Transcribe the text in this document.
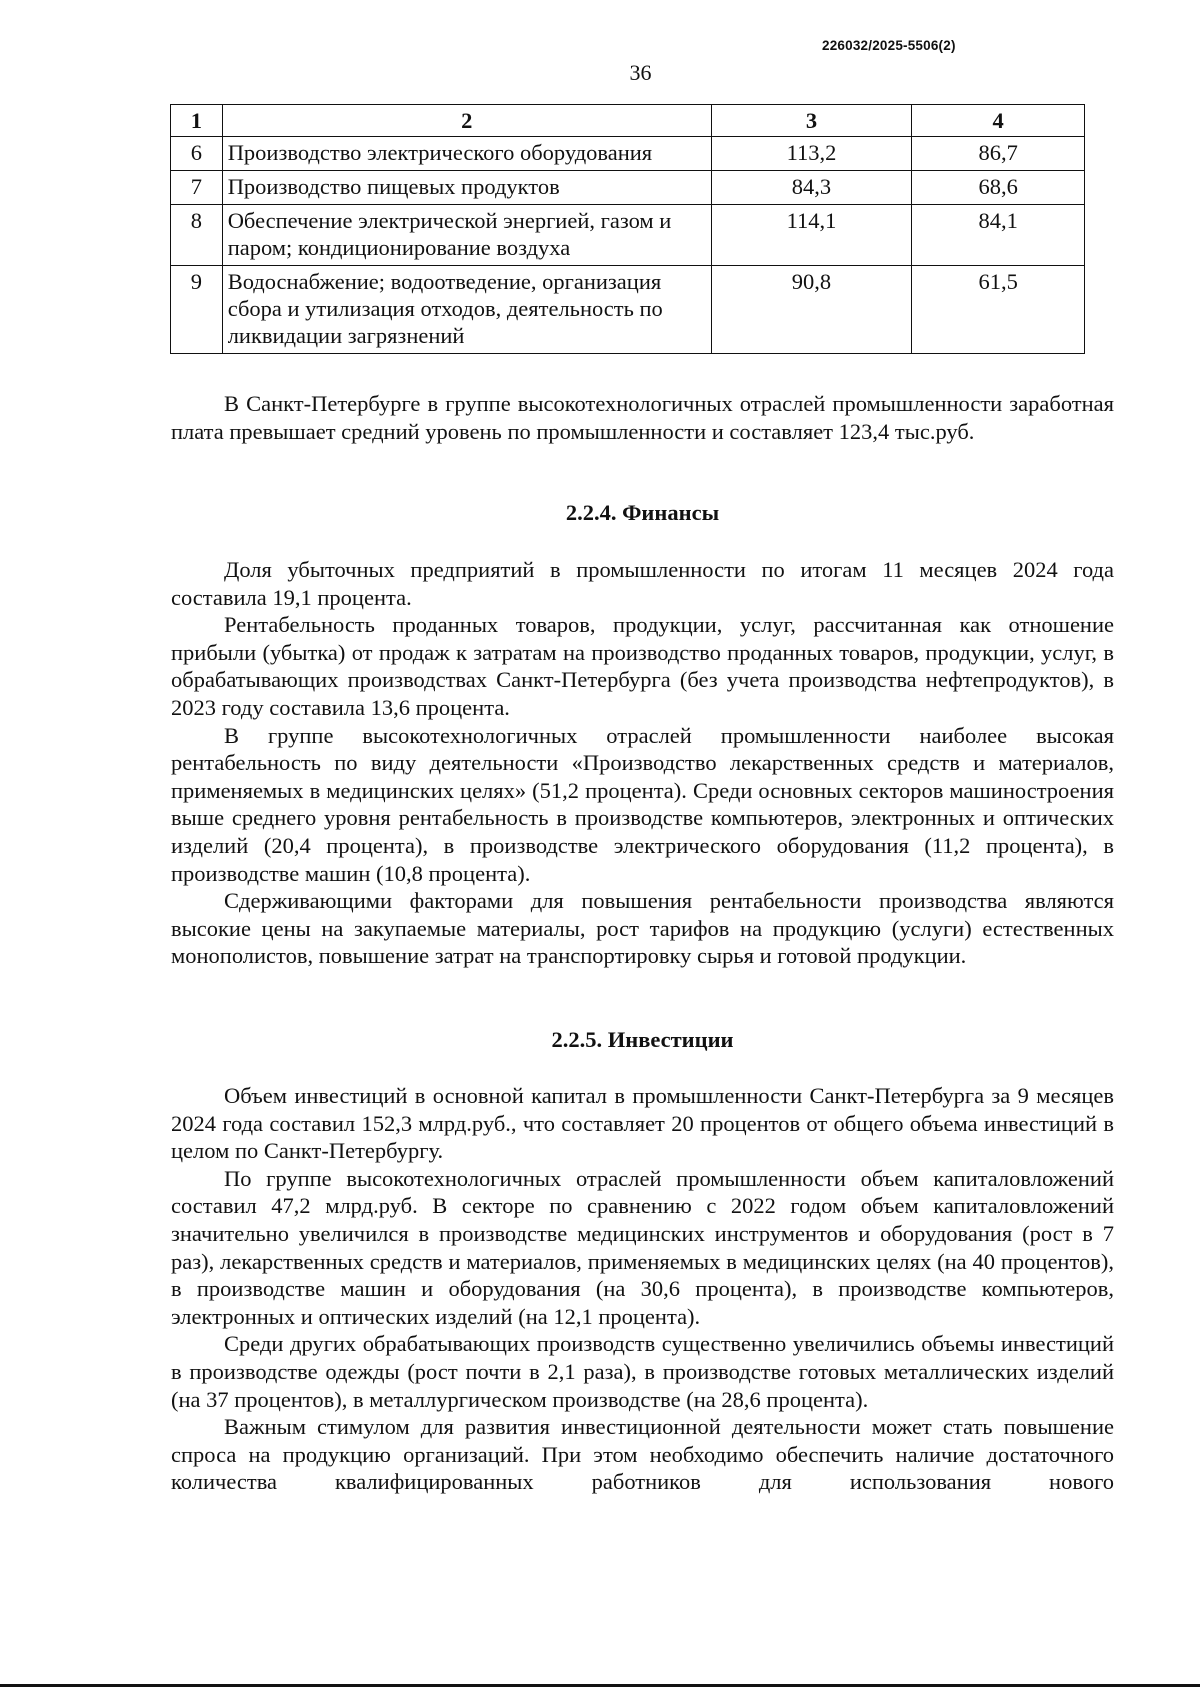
226032/2025-5506(2)
36
1	2	3	4
6	Производство электрического оборудования	113,2	86,7
7	Производство пищевых продуктов	84,3	68,6
8	Обеспечение электрической энергией, газом и паром; кондиционирование воздуха	114,1	84,1
9	Водоснабжение; водоотведение, организация сбора и утилизация отходов, деятельность по ликвидации загрязнений	90,8	61,5

В Санкт-Петербурге в группе высокотехнологичных отраслей промышленности заработная плата превышает средний уровень по промышленности и составляет 123,4 тыс.руб.

2.2.4. Финансы

Доля убыточных предприятий в промышленности по итогам 11 месяцев 2024 года составила 19,1 процента.

Рентабельность проданных товаров, продукции, услуг, рассчитанная как отношение прибыли (убытка) от продаж к затратам на производство проданных товаров, продукции, услуг, в обрабатывающих производствах Санкт-Петербурга (без учета производства нефтепродуктов), в 2023 году составила 13,6 процента.

В группе высокотехнологичных отраслей промышленности наиболее высокая рентабельность по виду деятельности «Производство лекарственных средств и материалов, применяемых в медицинских целях» (51,2 процента). Среди основных секторов машиностроения выше среднего уровня рентабельность в производстве компьютеров, электронных и оптических изделий (20,4 процента), в производстве электрического оборудования (11,2 процента), в производстве машин (10,8 процента).

Сдерживающими факторами для повышения рентабельности производства являются высокие цены на закупаемые материалы, рост тарифов на продукцию (услуги) естественных монополистов, повышение затрат на транспортировку сырья и готовой продукции.

2.2.5. Инвестиции

Объем инвестиций в основной капитал в промышленности Санкт-Петербурга за 9 месяцев 2024 года составил 152,3 млрд.руб., что составляет 20 процентов от общего объема инвестиций в целом по Санкт-Петербургу.

По группе высокотехнологичных отраслей промышленности объем капиталовложений составил 47,2 млрд.руб. В секторе по сравнению с 2022 годом объем капиталовложений значительно увеличился в производстве медицинских инструментов и оборудования (рост в 7 раз), лекарственных средств и материалов, применяемых в медицинских целях (на 40 процентов), в производстве машин и оборудования (на 30,6 процента), в производстве компьютеров, электронных и оптических изделий (на 12,1 процента).

Среди других обрабатывающих производств существенно увеличились объемы инвестиций в производстве одежды (рост почти в 2,1 раза), в производстве готовых металлических изделий (на 37 процентов), в металлургическом производстве (на 28,6 процента).

Важным стимулом для развития инвестиционной деятельности может стать повышение спроса на продукцию организаций. При этом необходимо обеспечить наличие достаточного количества квалифицированных работников для использования нового
